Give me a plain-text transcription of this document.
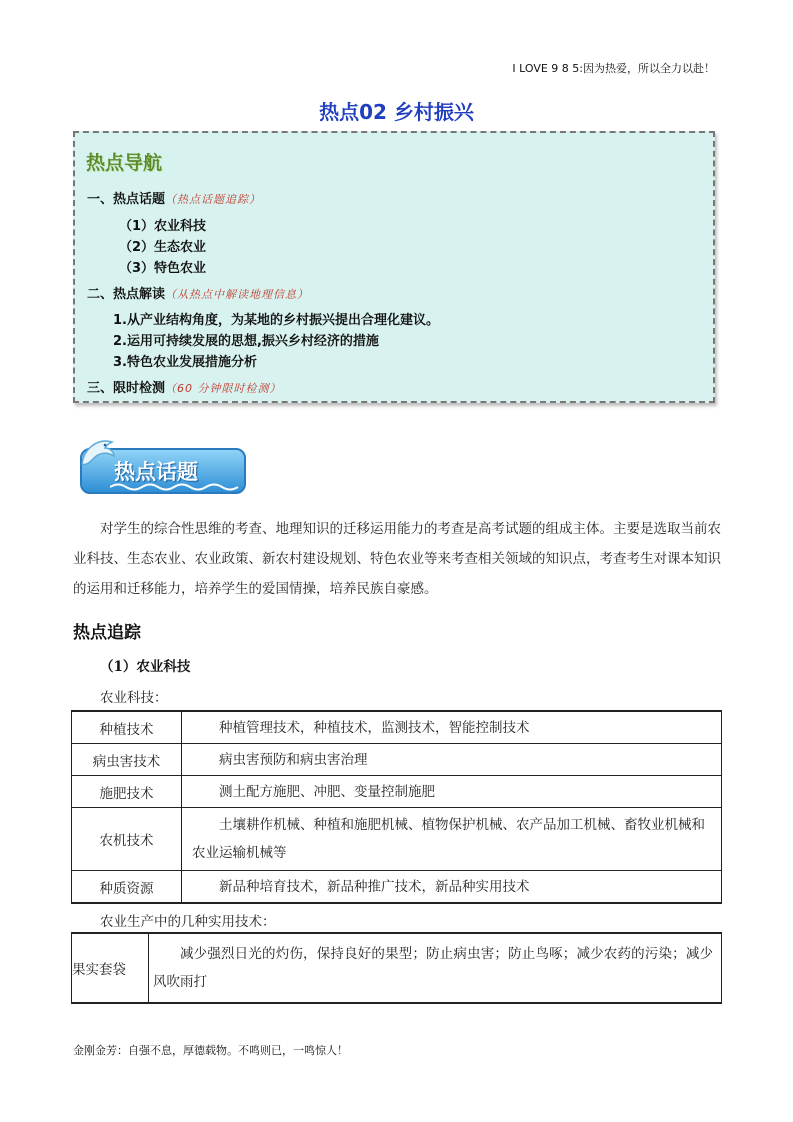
I LOVE 9 8 5:因为热爱，所以全力以赴！
热点02 乡村振兴
热点导航
一、热点话题（热点话题追踪）
（1）农业科技
（2）生态农业
（3）特色农业
二、热点解读（从热点中解读地理信息）
1.从产业结构角度，为某地的乡村振兴提出合理化建议。
2.运用可持续发展的思想,振兴乡村经济的措施
3.特色农业发展措施分析
三、限时检测（60 分钟限时检测）
热点话题
对学生的综合性思维的考查、地理知识的迁移运用能力的考查是高考试题的组成主体。主要是选取当前农业科技、生态农业、农业政策、新农村建设规划、特色农业等来考查相关领域的知识点，考查考生对课本知识的运用和迁移能力，培养学生的爱国情操，培养民族自豪感。
热点追踪
（1）农业科技
农业科技：
种植技术	种植管理技术，种植技术，监测技术，智能控制技术
病虫害技术	病虫害预防和病虫害治理
施肥技术	测土配方施肥、冲肥、变量控制施肥
农机技术	土壤耕作机械、种植和施肥机械、植物保护机械、农产品加工机械、畜牧业机械和农业运输机械等
种质资源	新品种培育技术，新品种推广技术，新品种实用技术
农业生产中的几种实用技术：
果实套袋	减少强烈日光的灼伤，保持良好的果型；防止病虫害；防止鸟啄；减少农药的污染；减少风吹雨打
金刚金芳：自强不息，厚德载物。不鸣则已，一鸣惊人！
